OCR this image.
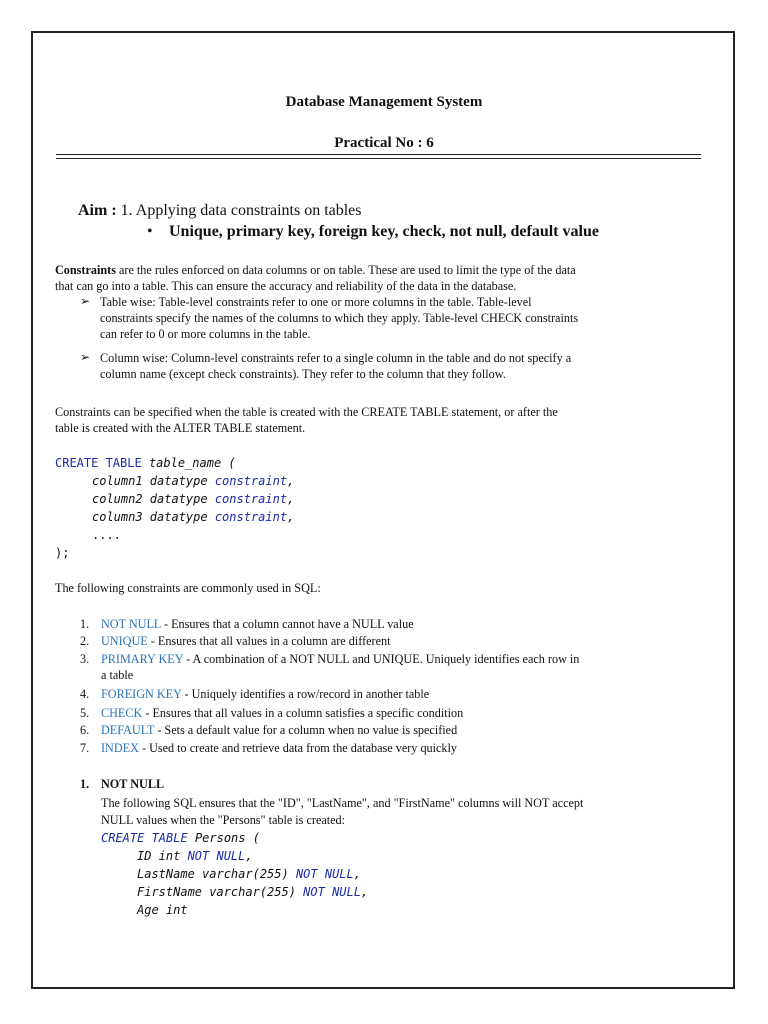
Database Management System
Practical No : 6
Aim : 1. Applying data constraints on tables
• Unique, primary key, foreign key, check, not null, default value
Constraints are the rules enforced on data columns or on table. These are used to limit the type of the data
that can go into a table. This can ensure the accuracy and reliability of the data in the database.
➢ Table wise: Table-level constraints refer to one or more columns in the table. Table-level
constraints specify the names of the columns to which they apply. Table-level CHECK constraints
can refer to 0 or more columns in the table.
➢ Column wise: Column-level constraints refer to a single column in the table and do not specify a
column name (except check constraints). They refer to the column that they follow.
Constraints can be specified when the table is created with the CREATE TABLE statement, or after the
table is created with the ALTER TABLE statement.
CREATE TABLE table_name (
column1 datatype constraint,
column2 datatype constraint,
column3 datatype constraint,
....
);
The following constraints are commonly used in SQL:
1. NOT NULL - Ensures that a column cannot have a NULL value
2. UNIQUE - Ensures that all values in a column are different
3. PRIMARY KEY - A combination of a NOT NULL and UNIQUE. Uniquely identifies each row in
a table
4. FOREIGN KEY - Uniquely identifies a row/record in another table
5. CHECK - Ensures that all values in a column satisfies a specific condition
6. DEFAULT - Sets a default value for a column when no value is specified
7. INDEX - Used to create and retrieve data from the database very quickly
1. NOT NULL
The following SQL ensures that the "ID", "LastName", and "FirstName" columns will NOT accept
NULL values when the "Persons" table is created:
CREATE TABLE Persons (
ID int NOT NULL,
LastName varchar(255) NOT NULL,
FirstName varchar(255) NOT NULL,
Age int
